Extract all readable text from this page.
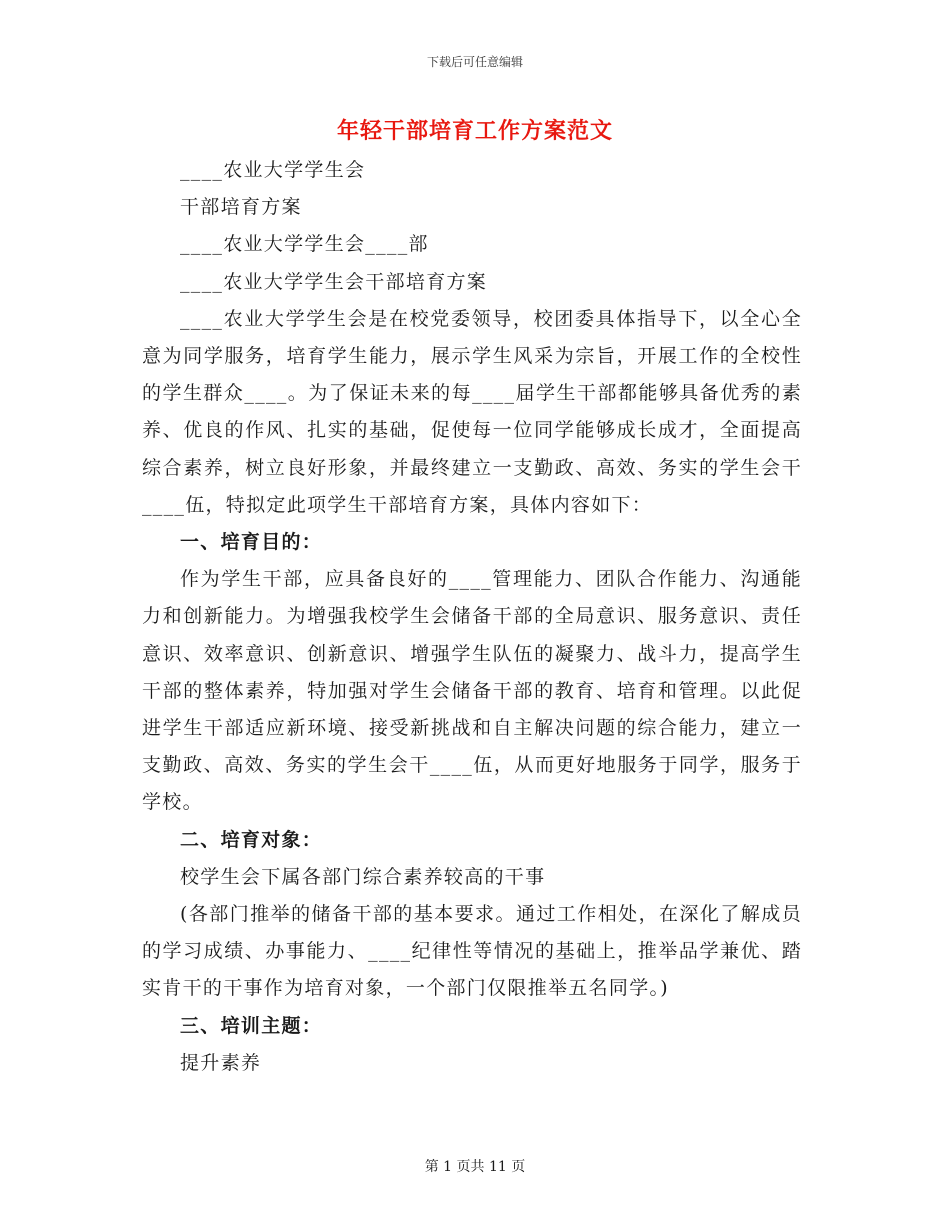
下载后可任意编辑
年轻干部培育工作方案范文

____农业大学学生会

干部培育方案

____农业大学学生会____部

____农业大学学生会干部培育方案

____农业大学学生会是在校党委领导，校团委具体指导下，以全心全意为同学服务，培育学生能力，展示学生风采为宗旨，开展工作的全校性的学生群众____。为了保证未来的每____届学生干部都能够具备优秀的素养、优良的作风、扎实的基础，促使每一位同学能够成长成才，全面提高综合素养，树立良好形象，并最终建立一支勤政、高效、务实的学生会干____伍，特拟定此项学生干部培育方案，具体内容如下：

一、培育目的：

作为学生干部，应具备良好的____管理能力、团队合作能力、沟通能力和创新能力。为增强我校学生会储备干部的全局意识、服务意识、责任意识、效率意识、创新意识、增强学生队伍的凝聚力、战斗力，提高学生干部的整体素养，特加强对学生会储备干部的教育、培育和管理。以此促进学生干部适应新环境、接受新挑战和自主解决问题的综合能力，建立一支勤政、高效、务实的学生会干____伍，从而更好地服务于同学，服务于学校。

二、培育对象：

校学生会下属各部门综合素养较高的干事

(各部门推举的储备干部的基本要求。通过工作相处，在深化了解成员的学习成绩、办事能力、____纪律性等情况的基础上，推举品学兼优、踏实肯干的干事作为培育对象，一个部门仅限推举五名同学。)

三、培训主题：

提升素养

第 1 页共 11 页
